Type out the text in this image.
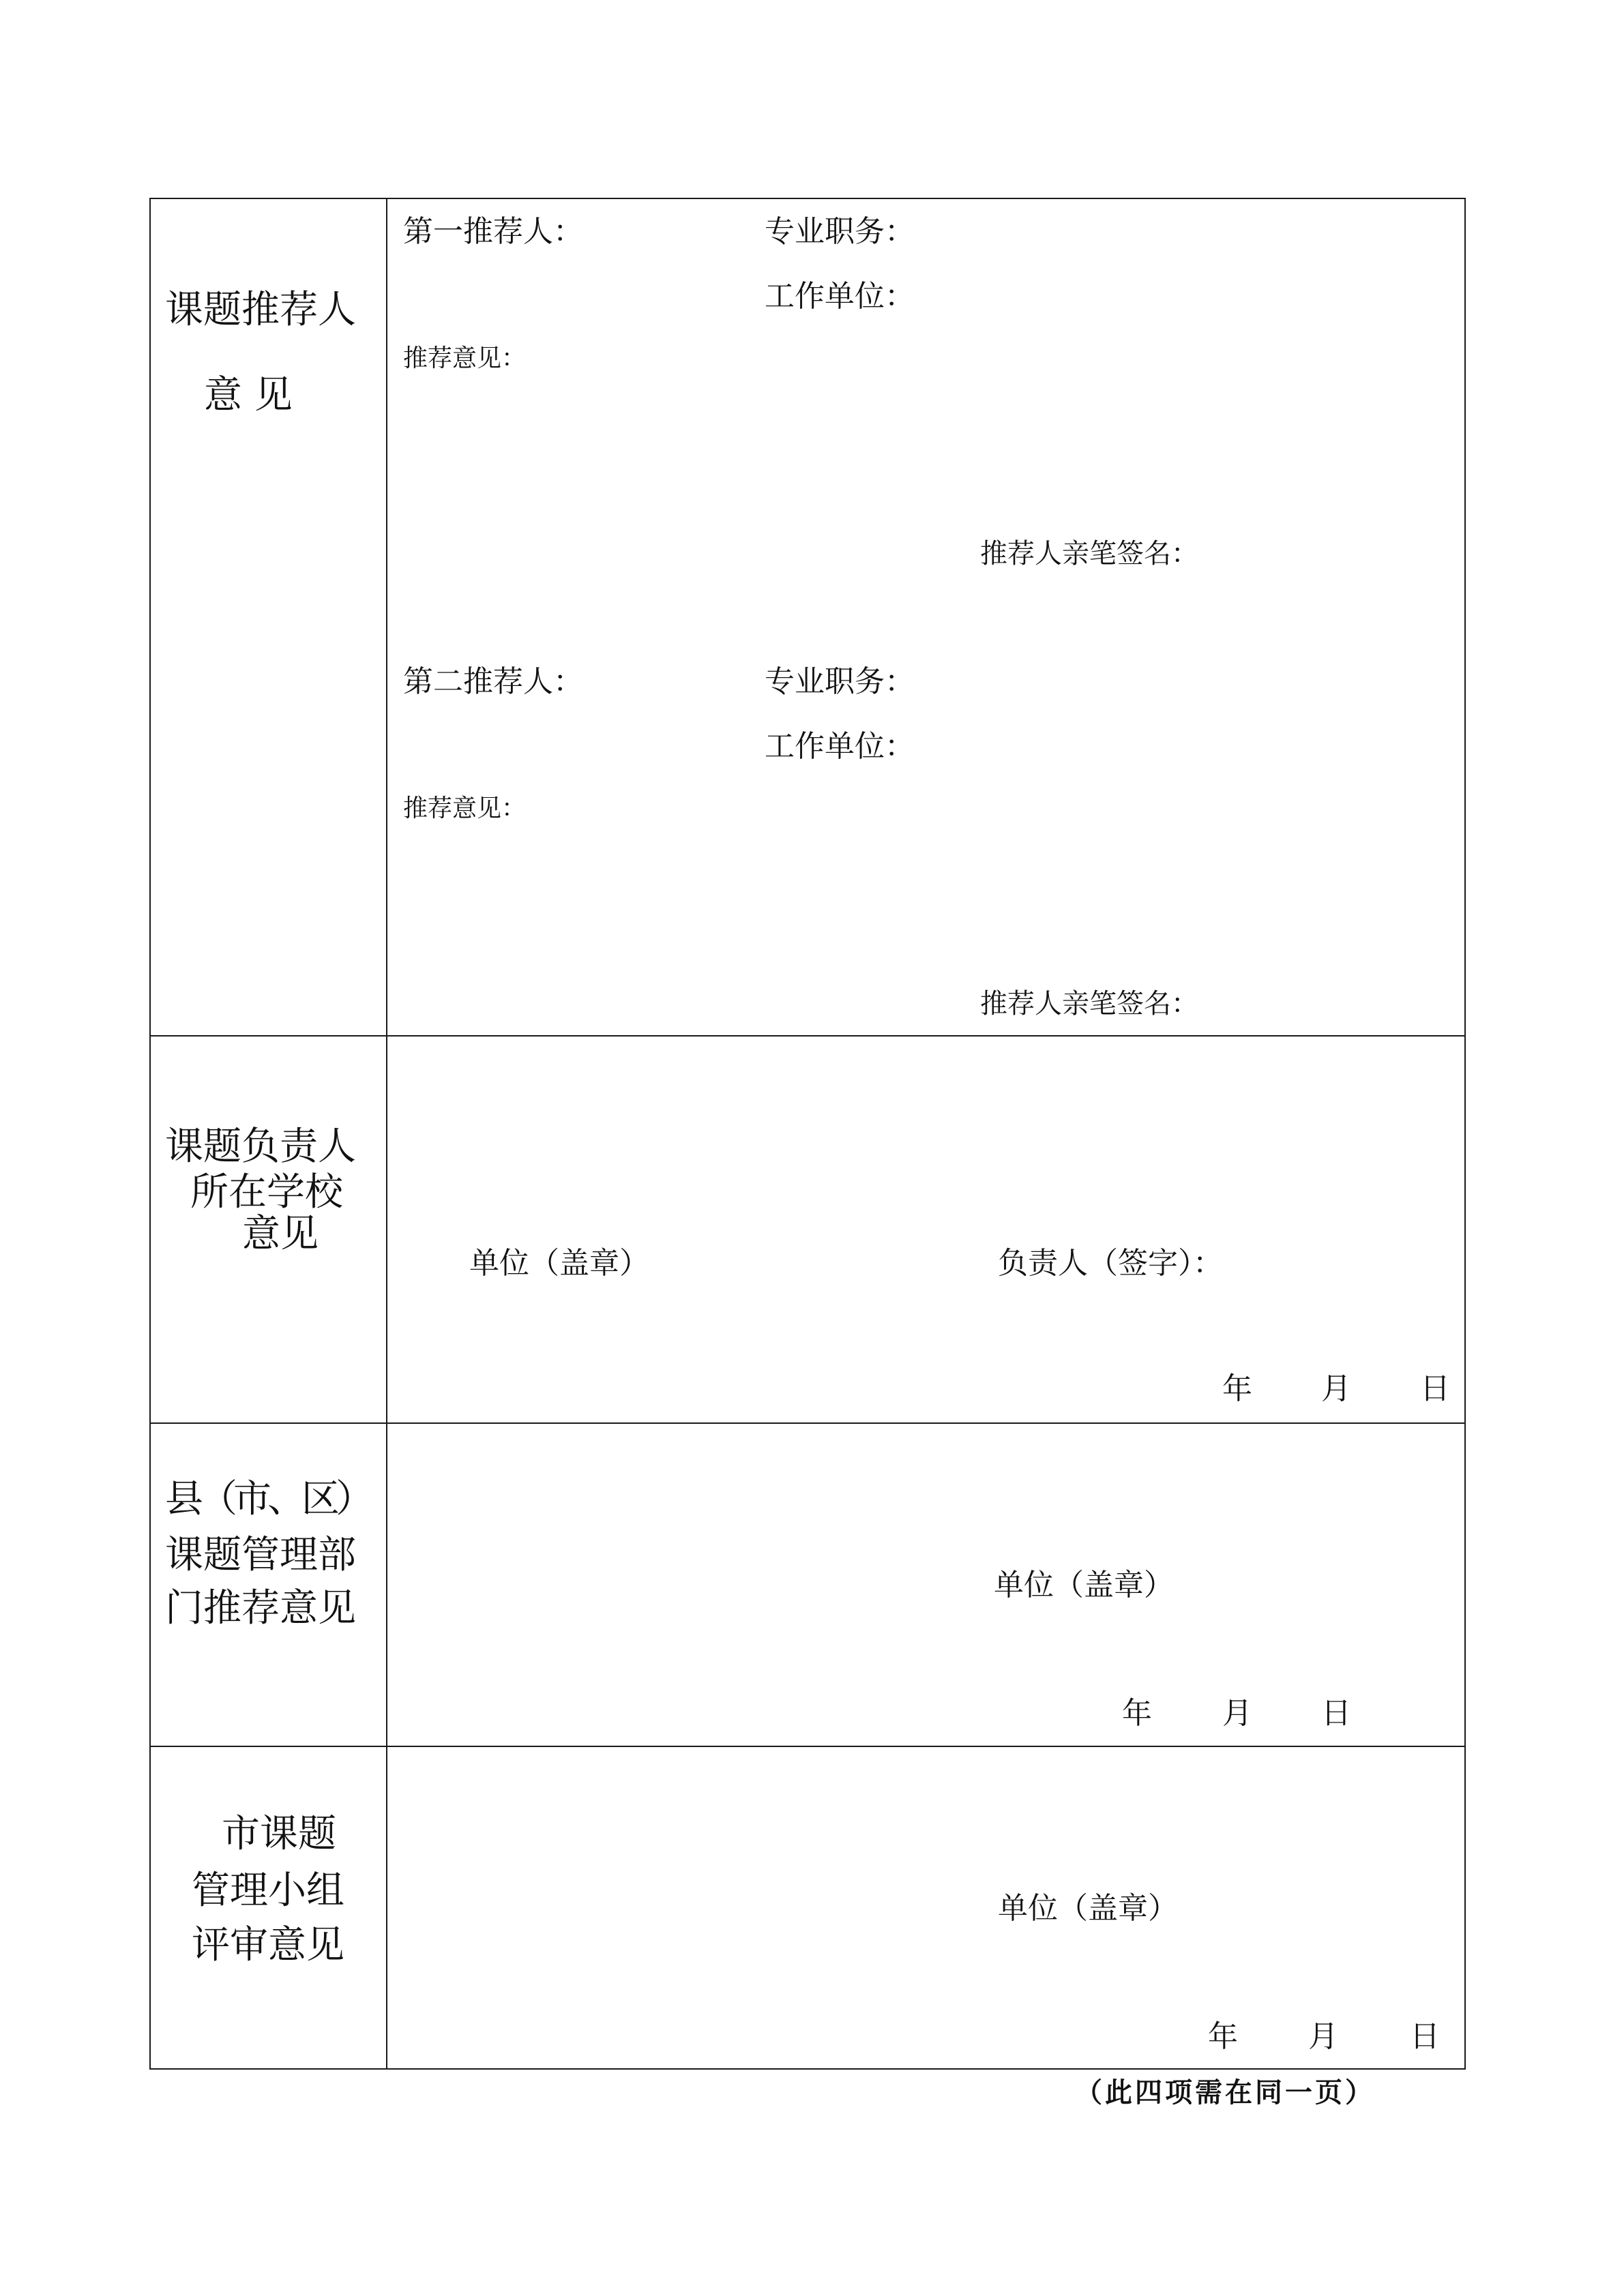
课题推荐人
意 见
第一推荐人：	专业职务：
工作单位：
推荐意见：
推荐人亲笔签名：
第二推荐人：	专业职务：
工作单位：
推荐意见：
推荐人亲笔签名：
课题负责人
所在学校
意见
单位（盖章）	负责人（签字）：
年 月 日
县（市、区）
课题管理部
门推荐意见
单位（盖章）
年 月 日
市课题
管理小组
评审意见
单位（盖章）
年 月 日
（此四项需在同一页）
